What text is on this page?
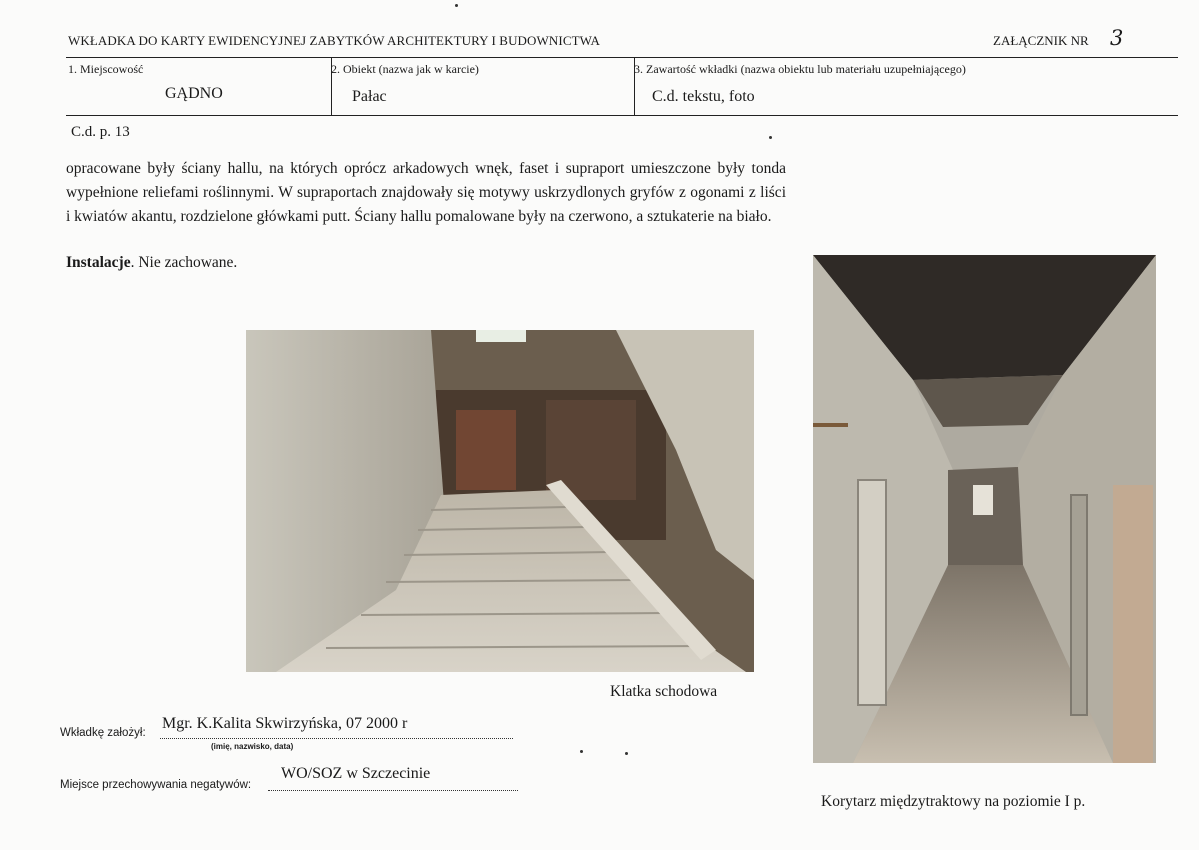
WKŁADKA DO KARTY EWIDENCYJNEJ ZABYTKÓW ARCHITEKTURY I BUDOWNICTWA	ZAŁĄCZNIK NR 3
1. Miejscowość
GĄDNO
2. Obiekt (nazwa jak w karcie)
Pałac
3. Zawartość wkładki (nazwa obiektu lub materiału uzupełniającego)
C.d. tekstu, foto
C.d. p. 13

opracowane były ściany hallu, na których oprócz arkadowych wnęk, faset i supraport umieszczone były tonda wypełnione reliefami roślinnymi. W supraportach znajdowały się motywy uskrzydlonych gryfów z ogonami z liści i kwiatów akantu, rozdzielone główkami putt. Ściany hallu pomalowane były na czerwono, a sztukaterie na biało.

Instalacje. Nie zachowane.
Klatka schodowa
Korytarz międzytraktowy na poziomie I p.
Wkładkę założył:
Mgr. K.Kalita Skwirzyńska, 07 2000 r
(imię, nazwisko, data)
Miejsce przechowywania negatywów:
WO/SOZ w Szczecinie
